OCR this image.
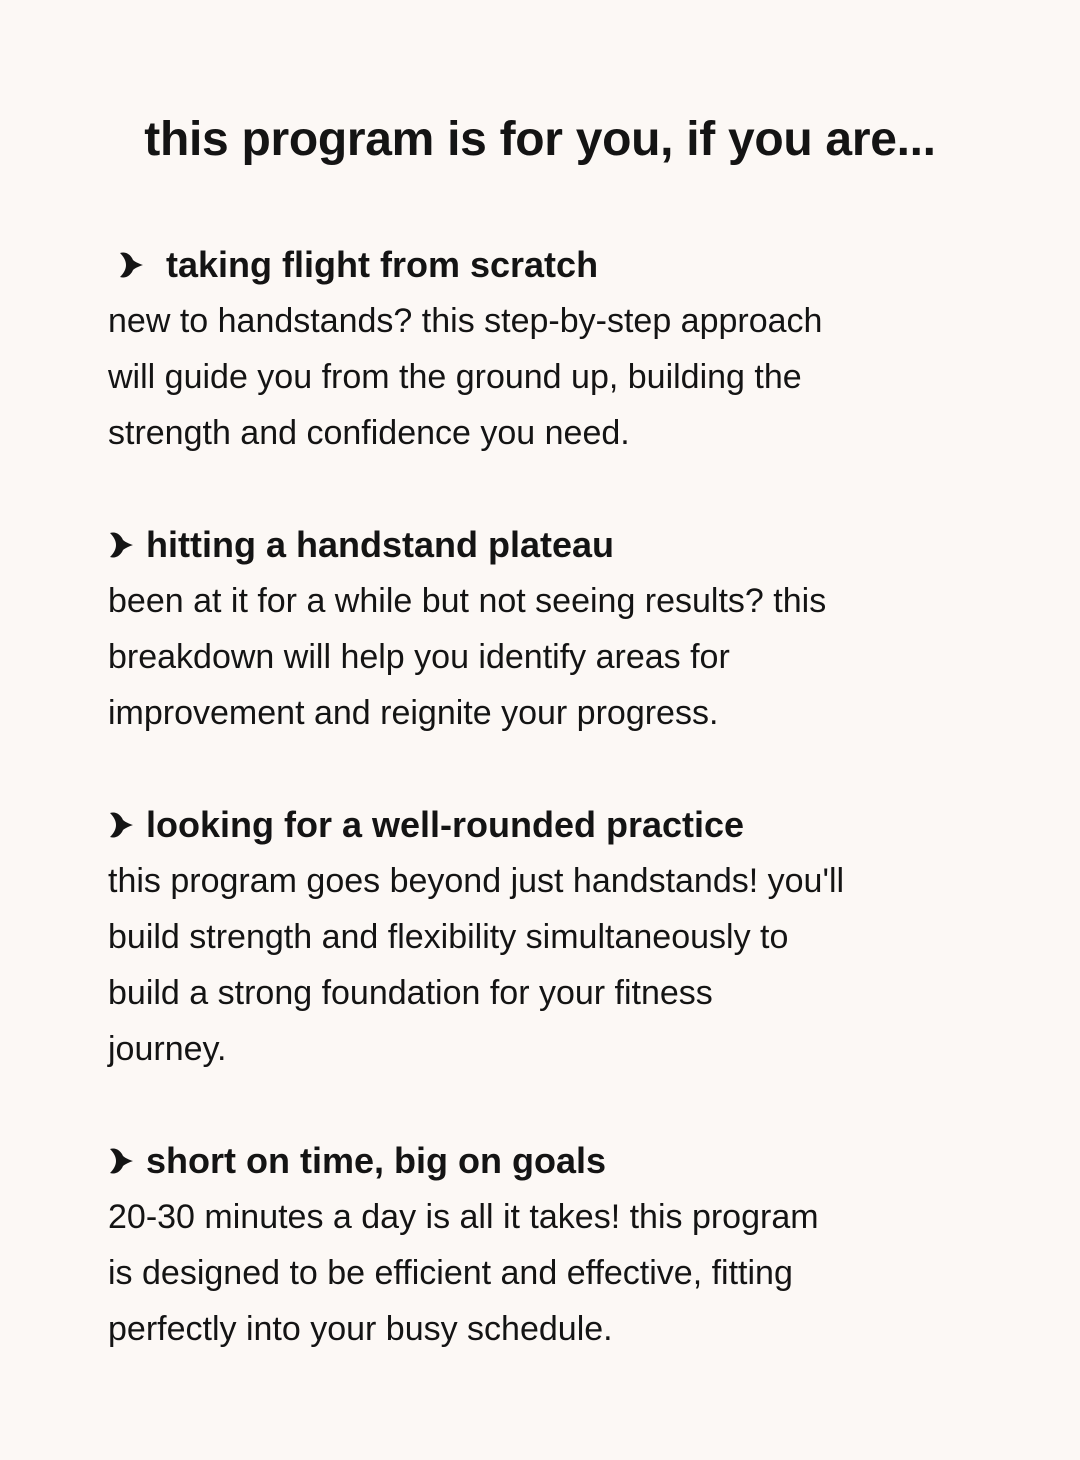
this program is for you, if you are...
taking flight from scratch

new to handstands? this step-by-step approach
will guide you from the ground up, building the
strength and confidence you need.

hitting a handstand plateau

been at it for a while but not seeing results? this
breakdown will help you identify areas for
improvement and reignite your progress.

looking for a well-rounded practice

this program goes beyond just handstands! you'll
build strength and flexibility simultaneously to
build a strong foundation for your fitness
journey.

short on time, big on goals

20-30 minutes a day is all it takes! this program
is designed to be efficient and effective, fitting
perfectly into your busy schedule.
